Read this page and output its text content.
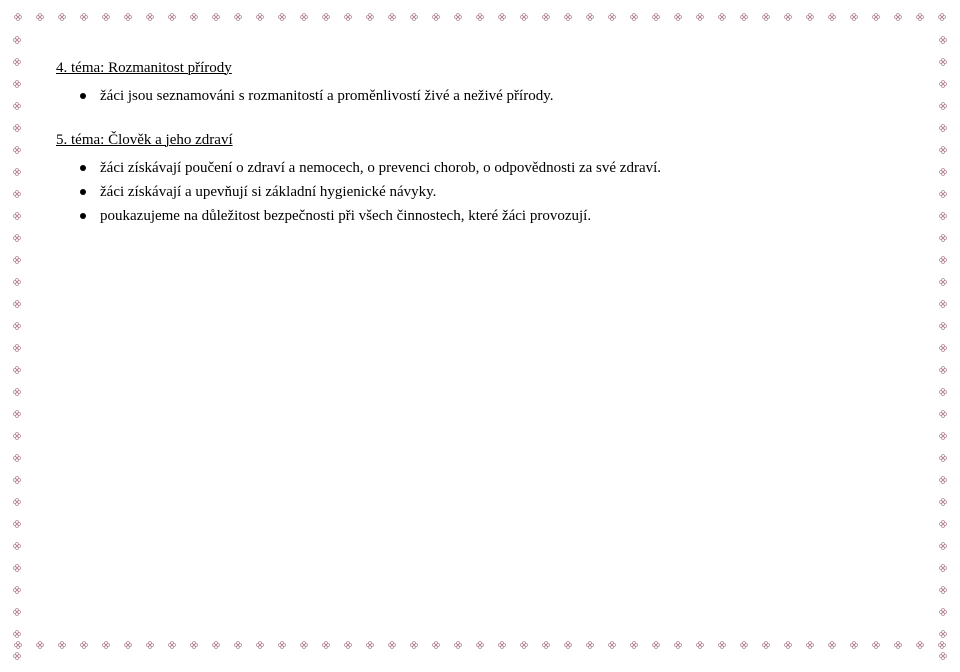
4. téma: Rozmanitost přírody

žáci jsou seznamováni s rozmanitostí a proměnlivostí živé a neživé přírody.

5. téma: Člověk a jeho zdraví

žáci získávají poučení o zdraví a nemocech, o prevenci chorob, o odpovědnosti za své zdraví.
žáci získávají a upevňují si základní hygienické návyky.
poukazujeme na důležitost bezpečnosti při všech činnostech, které žáci provozují.
